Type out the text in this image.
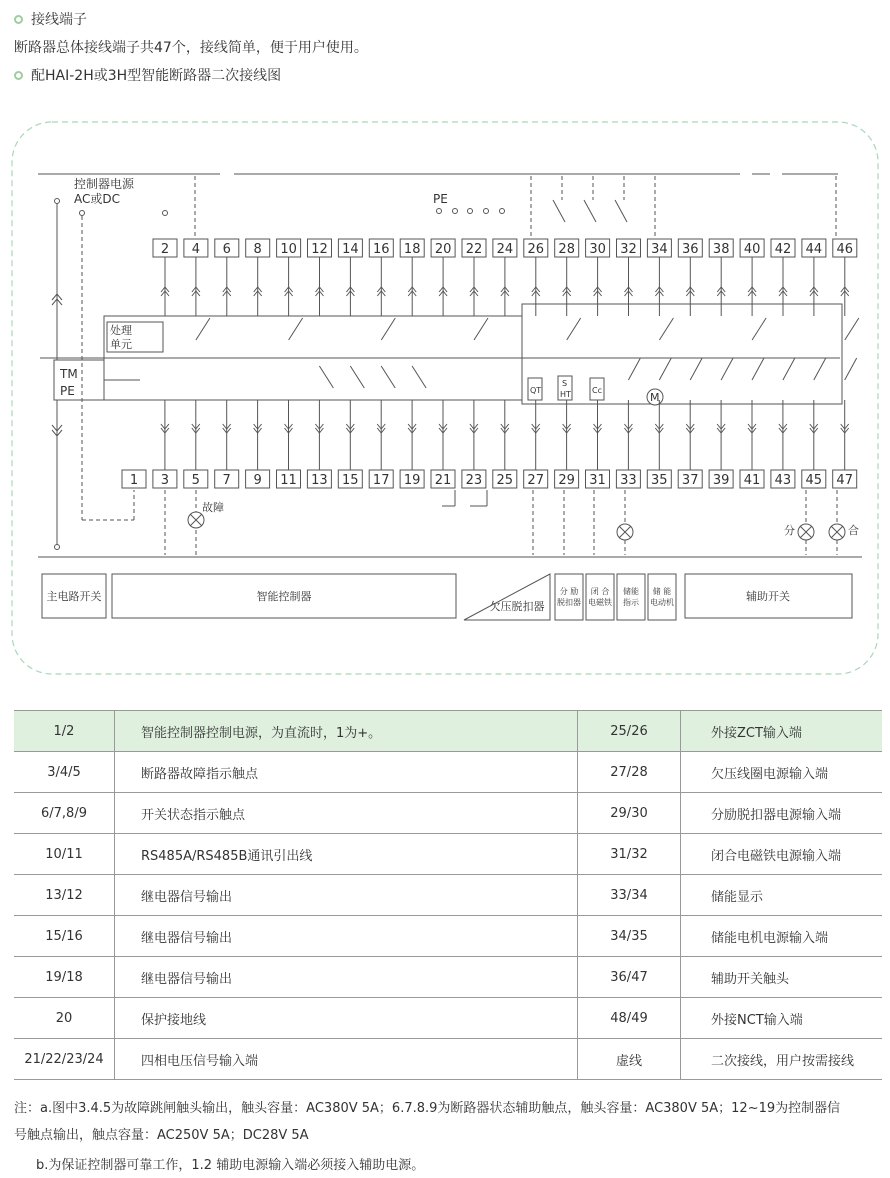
接线端子
断路器总体接线端子共47个，接线简单，便于用户使用。
配HAI-2H或3H型智能断路器二次接线图
控制器电源
AC或DC	PE
处理
单元
TM
PE	QT
S
HT	Cc
M
故障
分	合
主电路开关	智能控制器
欠压脱扣器
分 励
脱扣器
闭 合
电磁铁
储能
指示
储 能
电动机	辅助开关
2 4 6 8 10 12 14 16 18 20 22 24 26 28 30 32 34 36 38 40 42 44 46
1 3 5 7 9 11 13 15 17 19 21 23 25 27 29 31 33 35 37 39 41 43 45 47
1/2	智能控制器控制电源，为直流时，1为+。	25/26	外接ZCT输入端
3/4/5	断路器故障指示触点	27/28	欠压线圈电源输入端
6/7,8/9	开关状态指示触点	29/30	分励脱扣器电源输入端
10/11	RS485A/RS485B通讯引出线	31/32	闭合电磁铁电源输入端
13/12	继电器信号输出	33/34	储能显示
15/16	继电器信号输出	34/35	储能电机电源输入端
19/18	继电器信号输出	36/47	辅助开关触头
20	保护接地线	48/49	外接NCT输入端
21/22/23/24	四相电压信号输入端	虚线	二次接线，用户按需接线
注：a.图中3.4.5为故障跳闸触头输出，触头容量：AC380V 5A；6.7.8.9为断路器状态辅助触点，触头容量：AC380V 5A；12~19为控制器信
号触点输出，触点容量：AC250V 5A；DC28V 5A
b.为保证控制器可靠工作，1.2 辅助电源输入端必须接入辅助电源。
